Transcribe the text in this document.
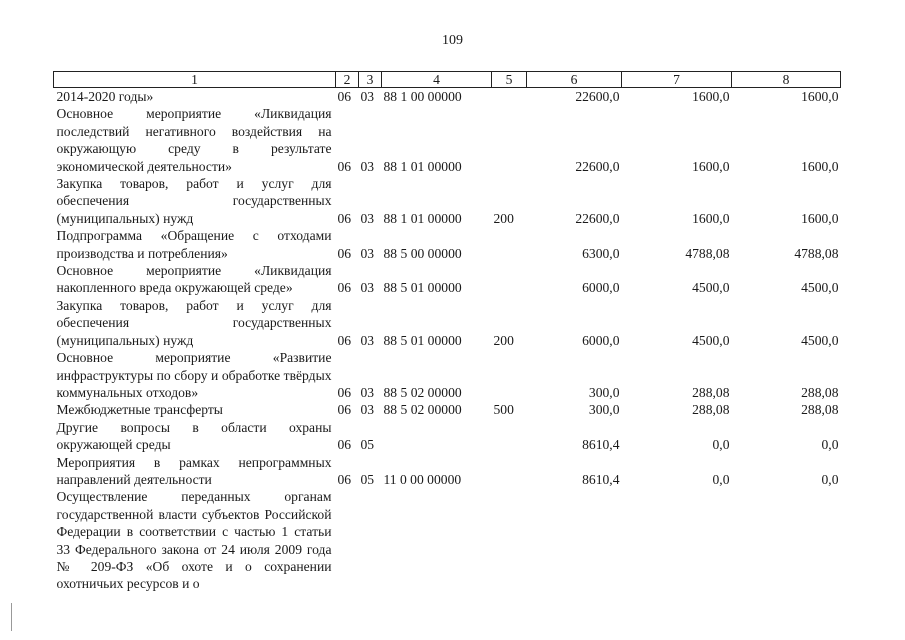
109
1	2	3	4	5	6	7	8
2014-2020 годы»	06	03	88 1 00 00000		22600,0	1600,0	1600,0
Основное мероприятие «Ликвидация последствий негативного воздействия на окружающую среду в результате экономической деятельности»	06	03	88 1 01 00000		22600,0	1600,0	1600,0
Закупка товаров, работ и услуг для обеспечения государственных (муниципальных) нужд	06	03	88 1 01 00000	200	22600,0	1600,0	1600,0
Подпрограмма «Обращение с отходами производства и потребления»	06	03	88 5 00 00000		6300,0	4788,08	4788,08
Основное мероприятие «Ликвидация накопленного вреда окружающей среде»	06	03	88 5 01 00000		6000,0	4500,0	4500,0
Закупка товаров, работ и услуг для обеспечения государственных (муниципальных) нужд	06	03	88 5 01 00000	200	6000,0	4500,0	4500,0
Основное мероприятие «Развитие инфраструктуры по сбору и обработке твёрдых коммунальных отходов»	06	03	88 5 02 00000		300,0	288,08	288,08
Межбюджетные трансферты	06	03	88 5 02 00000	500	300,0	288,08	288,08
Другие вопросы в области охраны окружающей среды	06	05			8610,4	0,0	0,0
Мероприятия в рамках непрограммных направлений деятельности	06	05	11 0 00 00000		8610,4	0,0	0,0
Осуществление переданных органам государственной власти субъектов Российской Федерации в соответствии с частью 1 статьи 33 Федерального закона от 24 июля 2009 года № 209-ФЗ «Об охоте и о сохранении охотничьих ресурсов и о							
